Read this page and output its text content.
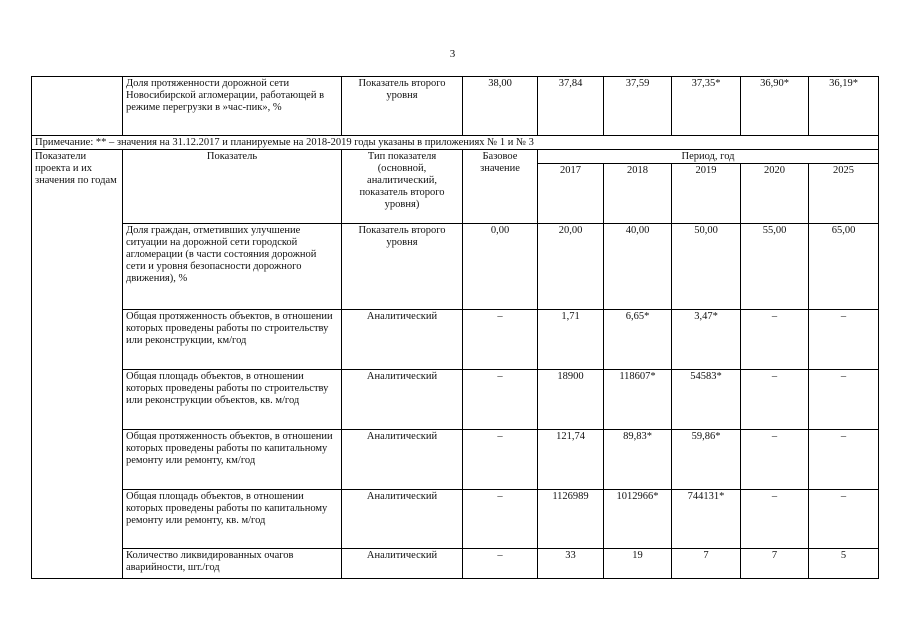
3
	Доля протяженности дорожной сети Новосибирской агломерации, работающей в режиме перегрузки в »час-пик», %	Показатель второго уровня	38,00	37,84	37,59	37,35*	36,90*	36,19*
Примечание: ** – значения на 31.12.2017 и планируемые на 2018-2019 годы указаны в приложениях № 1 и № 3								
Показатели проекта и их значения по годам	Показатель	Тип показателя (основной, аналитический, показатель второго уровня)	Базовое значение	Период, год				
				2017	2018	2019	2020	2025
	Доля граждан, отметивших улучшение ситуации на дорожной сети городской агломерации (в части состояния дорожной сети и уровня безопасности дорожного движения), %	Показатель второго уровня	0,00	20,00	40,00	50,00	55,00	65,00
	Общая протяженность объектов, в отношении которых проведены работы по строительству или реконструкции, км/год	Аналитический	–	1,71	6,65*	3,47*	–	–
	Общая площадь объектов, в отношении которых проведены работы по строительству или реконструкции объектов, кв. м/год	Аналитический	–	18900	118607*	54583*	–	–
	Общая протяженность объектов, в отношении которых проведены работы по капитальному ремонту или ремонту, км/год	Аналитический	–	121,74	89,83*	59,86*	–	–
	Общая площадь объектов, в отношении которых проведены работы по капитальному ремонту или ремонту, кв. м/год	Аналитический	–	1126989	1012966*	744131*	–	–
	Количество ликвидированных очагов аварийности, шт./год	Аналитический	–	33	19	7	7	5
